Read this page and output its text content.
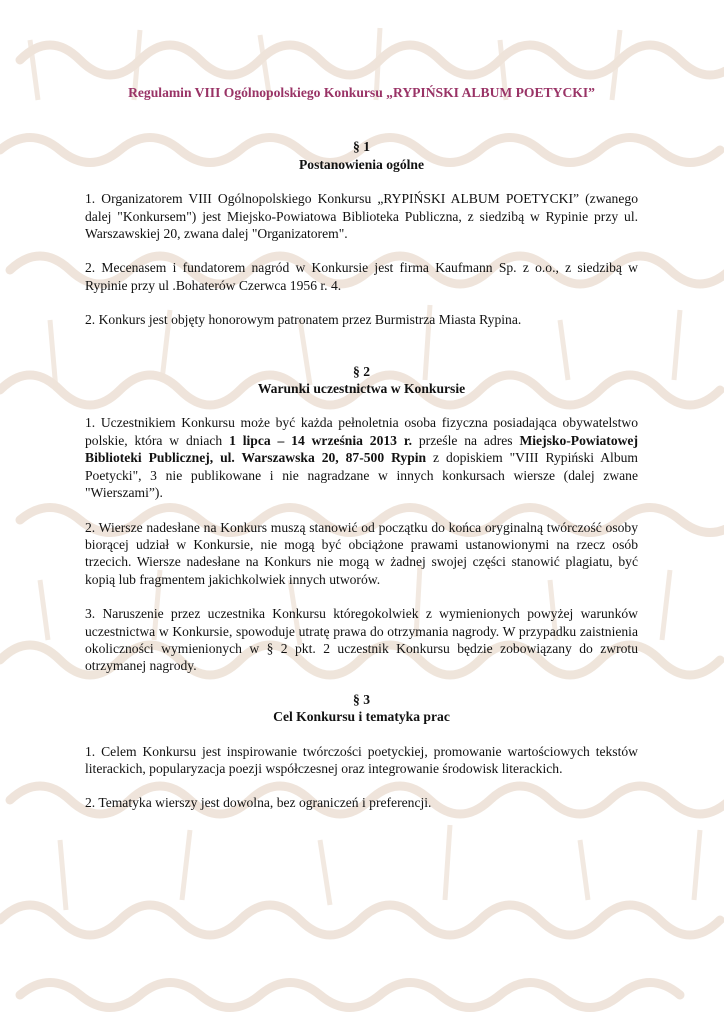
Regulamin VIII Ogólnopolskiego Konkursu „RYPIŃSKI ALBUM POETYCKI”

§ 1

Postanowienia ogólne

1. Organizatorem VIII Ogólnopolskiego Konkursu „RYPIŃSKI ALBUM POETYCKI” (zwanego dalej "Konkursem") jest Miejsko-Powiatowa Biblioteka Publiczna, z siedzibą w Rypinie przy ul. Warszawskiej 20, zwana dalej "Organizatorem".

2. Mecenasem i fundatorem nagród w Konkursie jest firma Kaufmann Sp. z o.o., z siedzibą w Rypinie przy ul .Bohaterów Czerwca 1956 r. 4.

2. Konkurs jest objęty honorowym patronatem przez Burmistrza Miasta Rypina.

§ 2

Warunki uczestnictwa w Konkursie

1. Uczestnikiem Konkursu może być każda pełnoletnia osoba fizyczna posiadająca obywatelstwo polskie, która w dniach 1 lipca – 14 września 2013 r. prześle na adres Miejsko-Powiatowej Biblioteki Publicznej, ul. Warszawska 20, 87-500 Rypin z dopiskiem "VIII Rypiński Album Poetycki", 3 nie publikowane i nie nagradzane w innych konkursach wiersze (dalej zwane "Wierszami”).

2. Wiersze nadesłane na Konkurs muszą stanowić od początku do końca oryginalną twórczość osoby biorącej udział w Konkursie, nie mogą być obciążone prawami ustanowionymi na rzecz osób trzecich. Wiersze nadesłane na Konkurs nie mogą w żadnej swojej części stanowić plagiatu, być kopią lub fragmentem jakichkolwiek innych utworów.

3. Naruszenie przez uczestnika Konkursu któregokolwiek z wymienionych powyżej warunków uczestnictwa w Konkursie, spowoduje utratę prawa do otrzymania nagrody. W przypadku zaistnienia okoliczności wymienionych w § 2 pkt. 2 uczestnik Konkursu będzie zobowiązany do zwrotu otrzymanej nagrody.

§ 3

Cel Konkursu i tematyka prac

1. Celem Konkursu jest inspirowanie twórczości poetyckiej, promowanie wartościowych tekstów literackich, popularyzacja poezji współczesnej oraz integrowanie środowisk literackich.

2. Tematyka wierszy jest dowolna, bez ograniczeń i preferencji.
